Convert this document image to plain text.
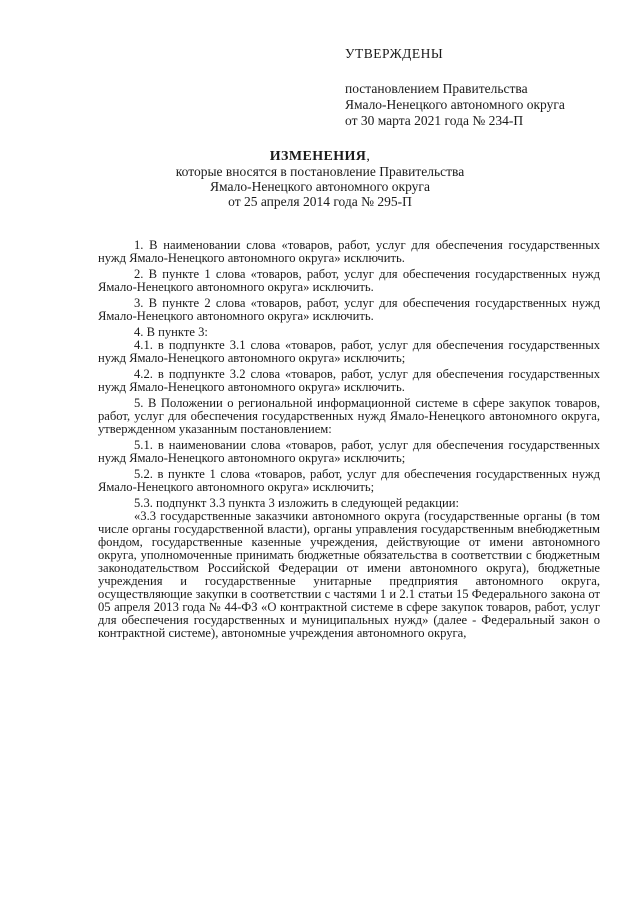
УТВЕРЖДЕНЫ
постановлением Правительства
Ямало-Ненецкого автономного округа
от 30 марта 2021 года № 234-П
ИЗМЕНЕНИЯ,
которые вносятся в постановление Правительства
Ямало-Ненецкого автономного округа
от 25 апреля 2014 года № 295-П

1. В наименовании слова «товаров, работ, услуг для обеспечения государственных нужд Ямало-Ненецкого автономного округа» исключить.

2. В пункте 1 слова «товаров, работ, услуг для обеспечения государственных нужд Ямало-Ненецкого автономного округа» исключить.

3. В пункте 2 слова «товаров, работ, услуг для обеспечения государственных нужд Ямало-Ненецкого автономного округа» исключить.

4. В пункте 3:

4.1. в подпункте 3.1 слова «товаров, работ, услуг для обеспечения государственных нужд Ямало-Ненецкого автономного округа» исключить;

4.2. в подпункте 3.2 слова «товаров, работ, услуг для обеспечения государственных нужд Ямало-Ненецкого автономного округа» исключить.

5. В Положении о региональной информационной системе в сфере закупок товаров, работ, услуг для обеспечения государственных нужд Ямало-Ненецкого автономного округа, утвержденном указанным постановлением:

5.1. в наименовании слова «товаров, работ, услуг для обеспечения государственных нужд Ямало-Ненецкого автономного округа» исключить;

5.2. в пункте 1 слова «товаров, работ, услуг для обеспечения государственных нужд Ямало-Ненецкого автономного округа» исключить;

5.3. подпункт 3.3 пункта 3 изложить в следующей редакции:

«3.3 государственные заказчики автономного округа (государственные органы (в том числе органы государственной власти), органы управления государственным внебюджетным фондом, государственные казенные учреждения, действующие от имени автономного округа, уполномоченные принимать бюджетные обязательства в соответствии с бюджетным законодательством Российской Федерации от имени автономного округа), бюджетные учреждения и государственные унитарные предприятия автономного округа, осуществляющие закупки в соответствии с частями 1 и 2.1 статьи 15 Федерального закона от 05 апреля 2013 года № 44-ФЗ «О контрактной системе в сфере закупок товаров, работ, услуг для обеспечения государственных и муниципальных нужд» (далее - Федеральный закон о контрактной системе), автономные учреждения автономного округа,
